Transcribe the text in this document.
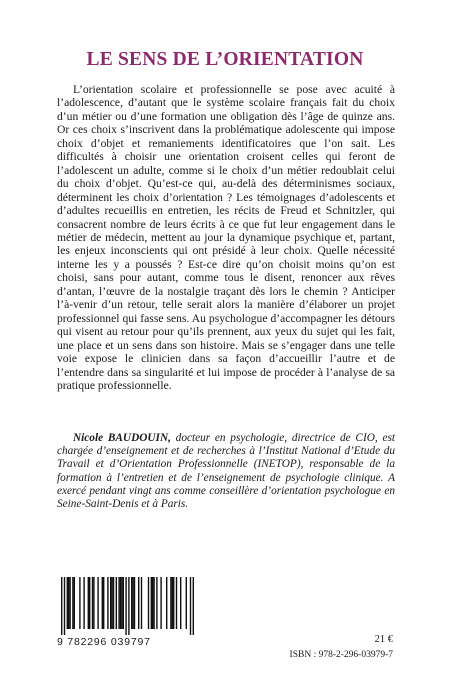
LE SENS DE L’ORIENTATION

L’orientation scolaire et professionnelle se pose avec acuité à l’adolescence, d’autant que le système scolaire français fait du choix d’un métier ou d’une formation une obligation dès l’âge de quinze ans. Or ces choix s’inscrivent dans la problématique adolescente qui impose choix d’objet et remaniements identificatoires que l’on sait. Les difficultés à choisir une orientation croisent celles qui feront de l’adolescent un adulte, comme si le choix d’un métier redoublait celui du choix d’objet. Qu’est-ce qui, au-delà des déterminismes sociaux, déterminent les choix d’orientation ? Les témoignages d’adolescents et d’adultes recueillis en entretien, les récits de Freud et Schnitzler, qui consacrent nombre de leurs écrits à ce que fut leur engagement dans le métier de médecin, mettent au jour la dynamique psychique et, partant, les enjeux inconscients qui ont présidé à leur choix. Quelle nécessité interne les y a poussés ? Est-ce dire qu’on choisit moins qu’on est choisi, sans pour autant, comme tous le disent, renoncer aux rêves d’antan, l’œuvre de la nostalgie traçant dès lors le chemin ? Anticiper l’à-venir d’un retour, telle serait alors la manière d’élaborer un projet professionnel qui fasse sens. Au psychologue d’accompagner les détours qui visent au retour pour qu’ils prennent, aux yeux du sujet qui les fait, une place et un sens dans son histoire. Mais se s’engager dans une telle voie expose le clinicien dans sa façon d’accueillir l’autre et de l’entendre dans sa singularité et lui impose de procéder à l’analyse de sa pratique professionnelle.

Nicole BAUDOUIN, docteur en psychologie, directrice de CIO, est chargée d’enseignement et de recherches à l’Institut National d’Etude du Travail et d’Orientation Professionnelle (INETOP), responsable de la formation à l’entretien et de l’enseignement de psychologie clinique. A exercé pendant vingt ans comme conseillère d’orientation psychologue en Seine-Saint-Denis et à Paris.

9 782296 039797	21 €
ISBN : 978-2-296-03979-7
